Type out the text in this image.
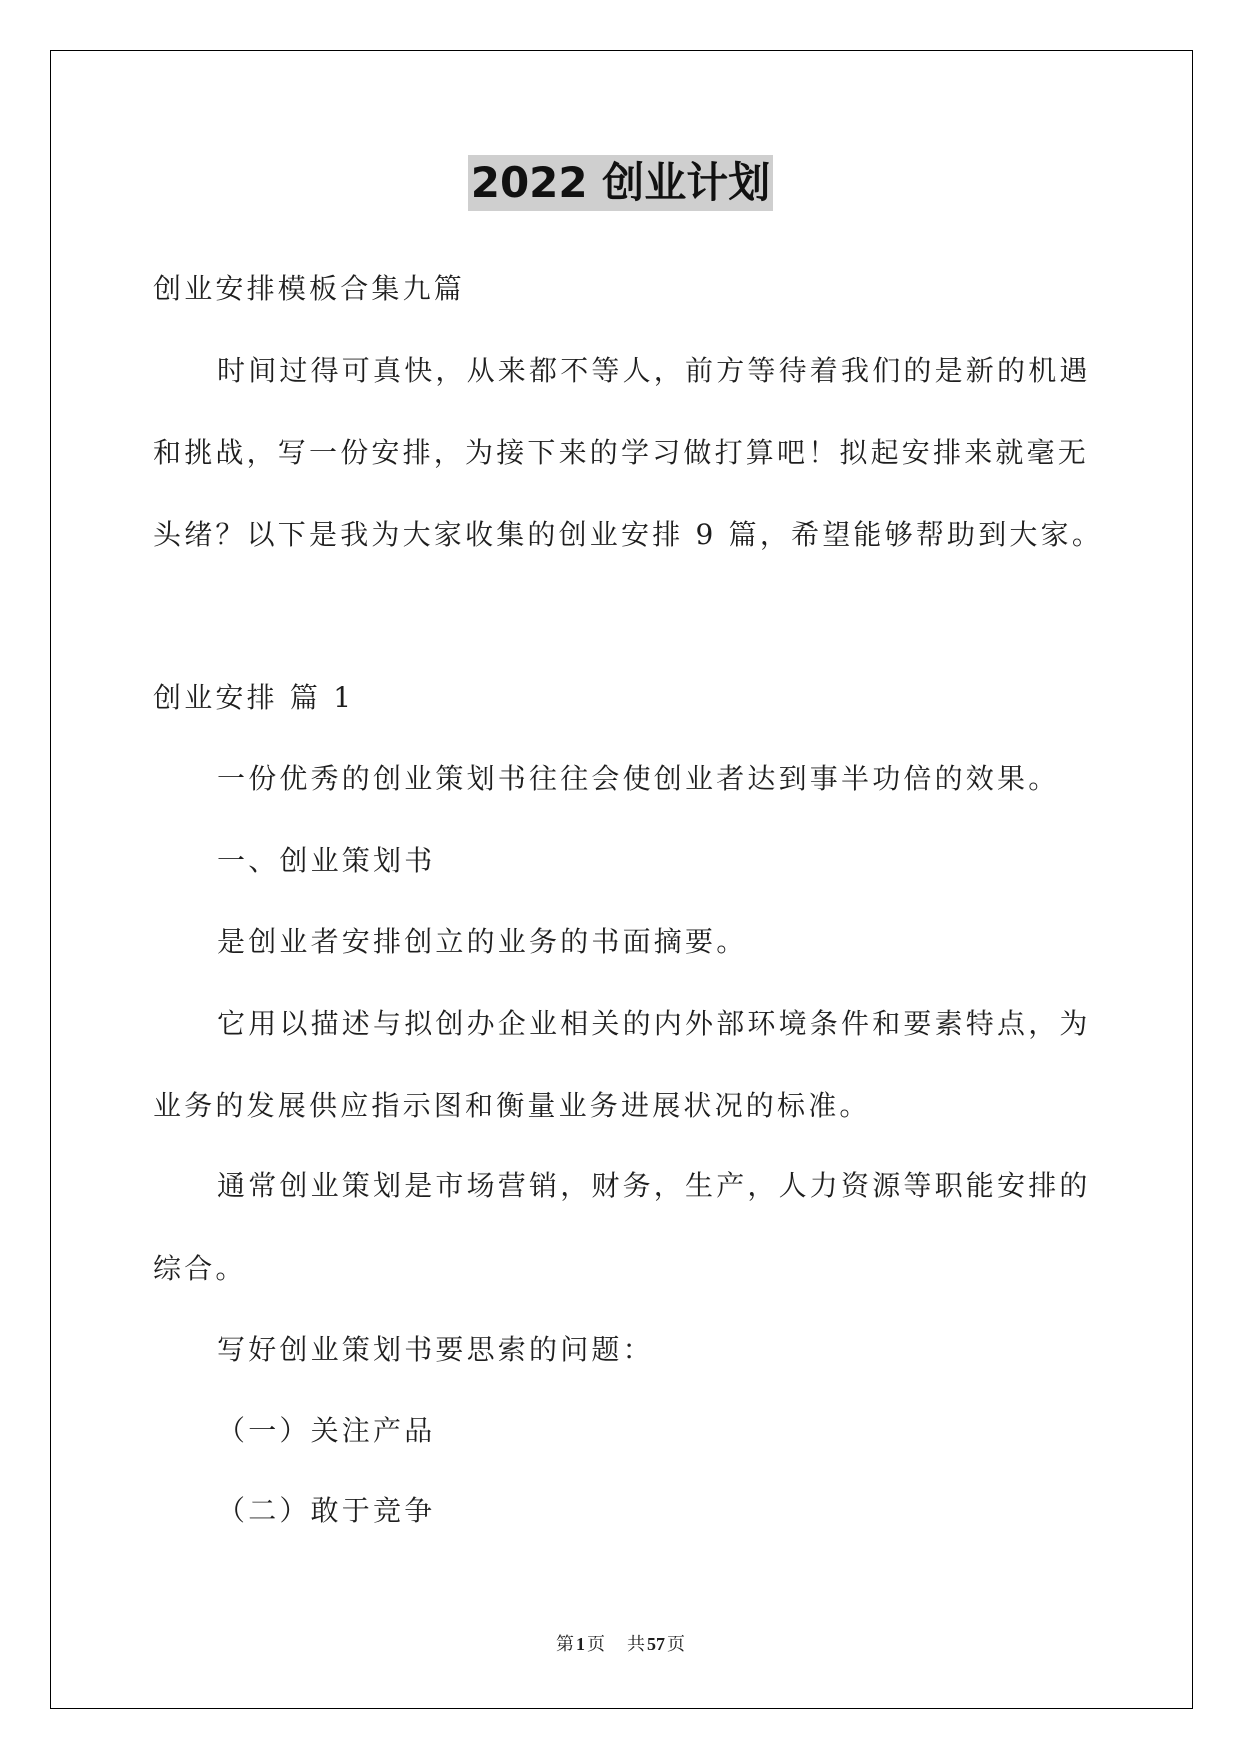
2022 创业计划
创业安排模板合集九篇
时间过得可真快，从来都不等人，前方等待着我们的是新的机遇
和挑战，写一份安排，为接下来的学习做打算吧！拟起安排来就毫无
头绪？以下是我为大家收集的创业安排 9 篇，希望能够帮助到大家。
创业安排 篇 1
一份优秀的创业策划书往往会使创业者达到事半功倍的效果。
一、创业策划书
是创业者安排创立的业务的书面摘要。
它用以描述与拟创办企业相关的内外部环境条件和要素特点，为
业务的发展供应指示图和衡量业务进展状况的标准。
通常创业策划是市场营销，财务，生产，人力资源等职能安排的
综合。
写好创业策划书要思索的问题：
（一）关注产品
（二）敢于竞争
第 1 页 共 57 页
